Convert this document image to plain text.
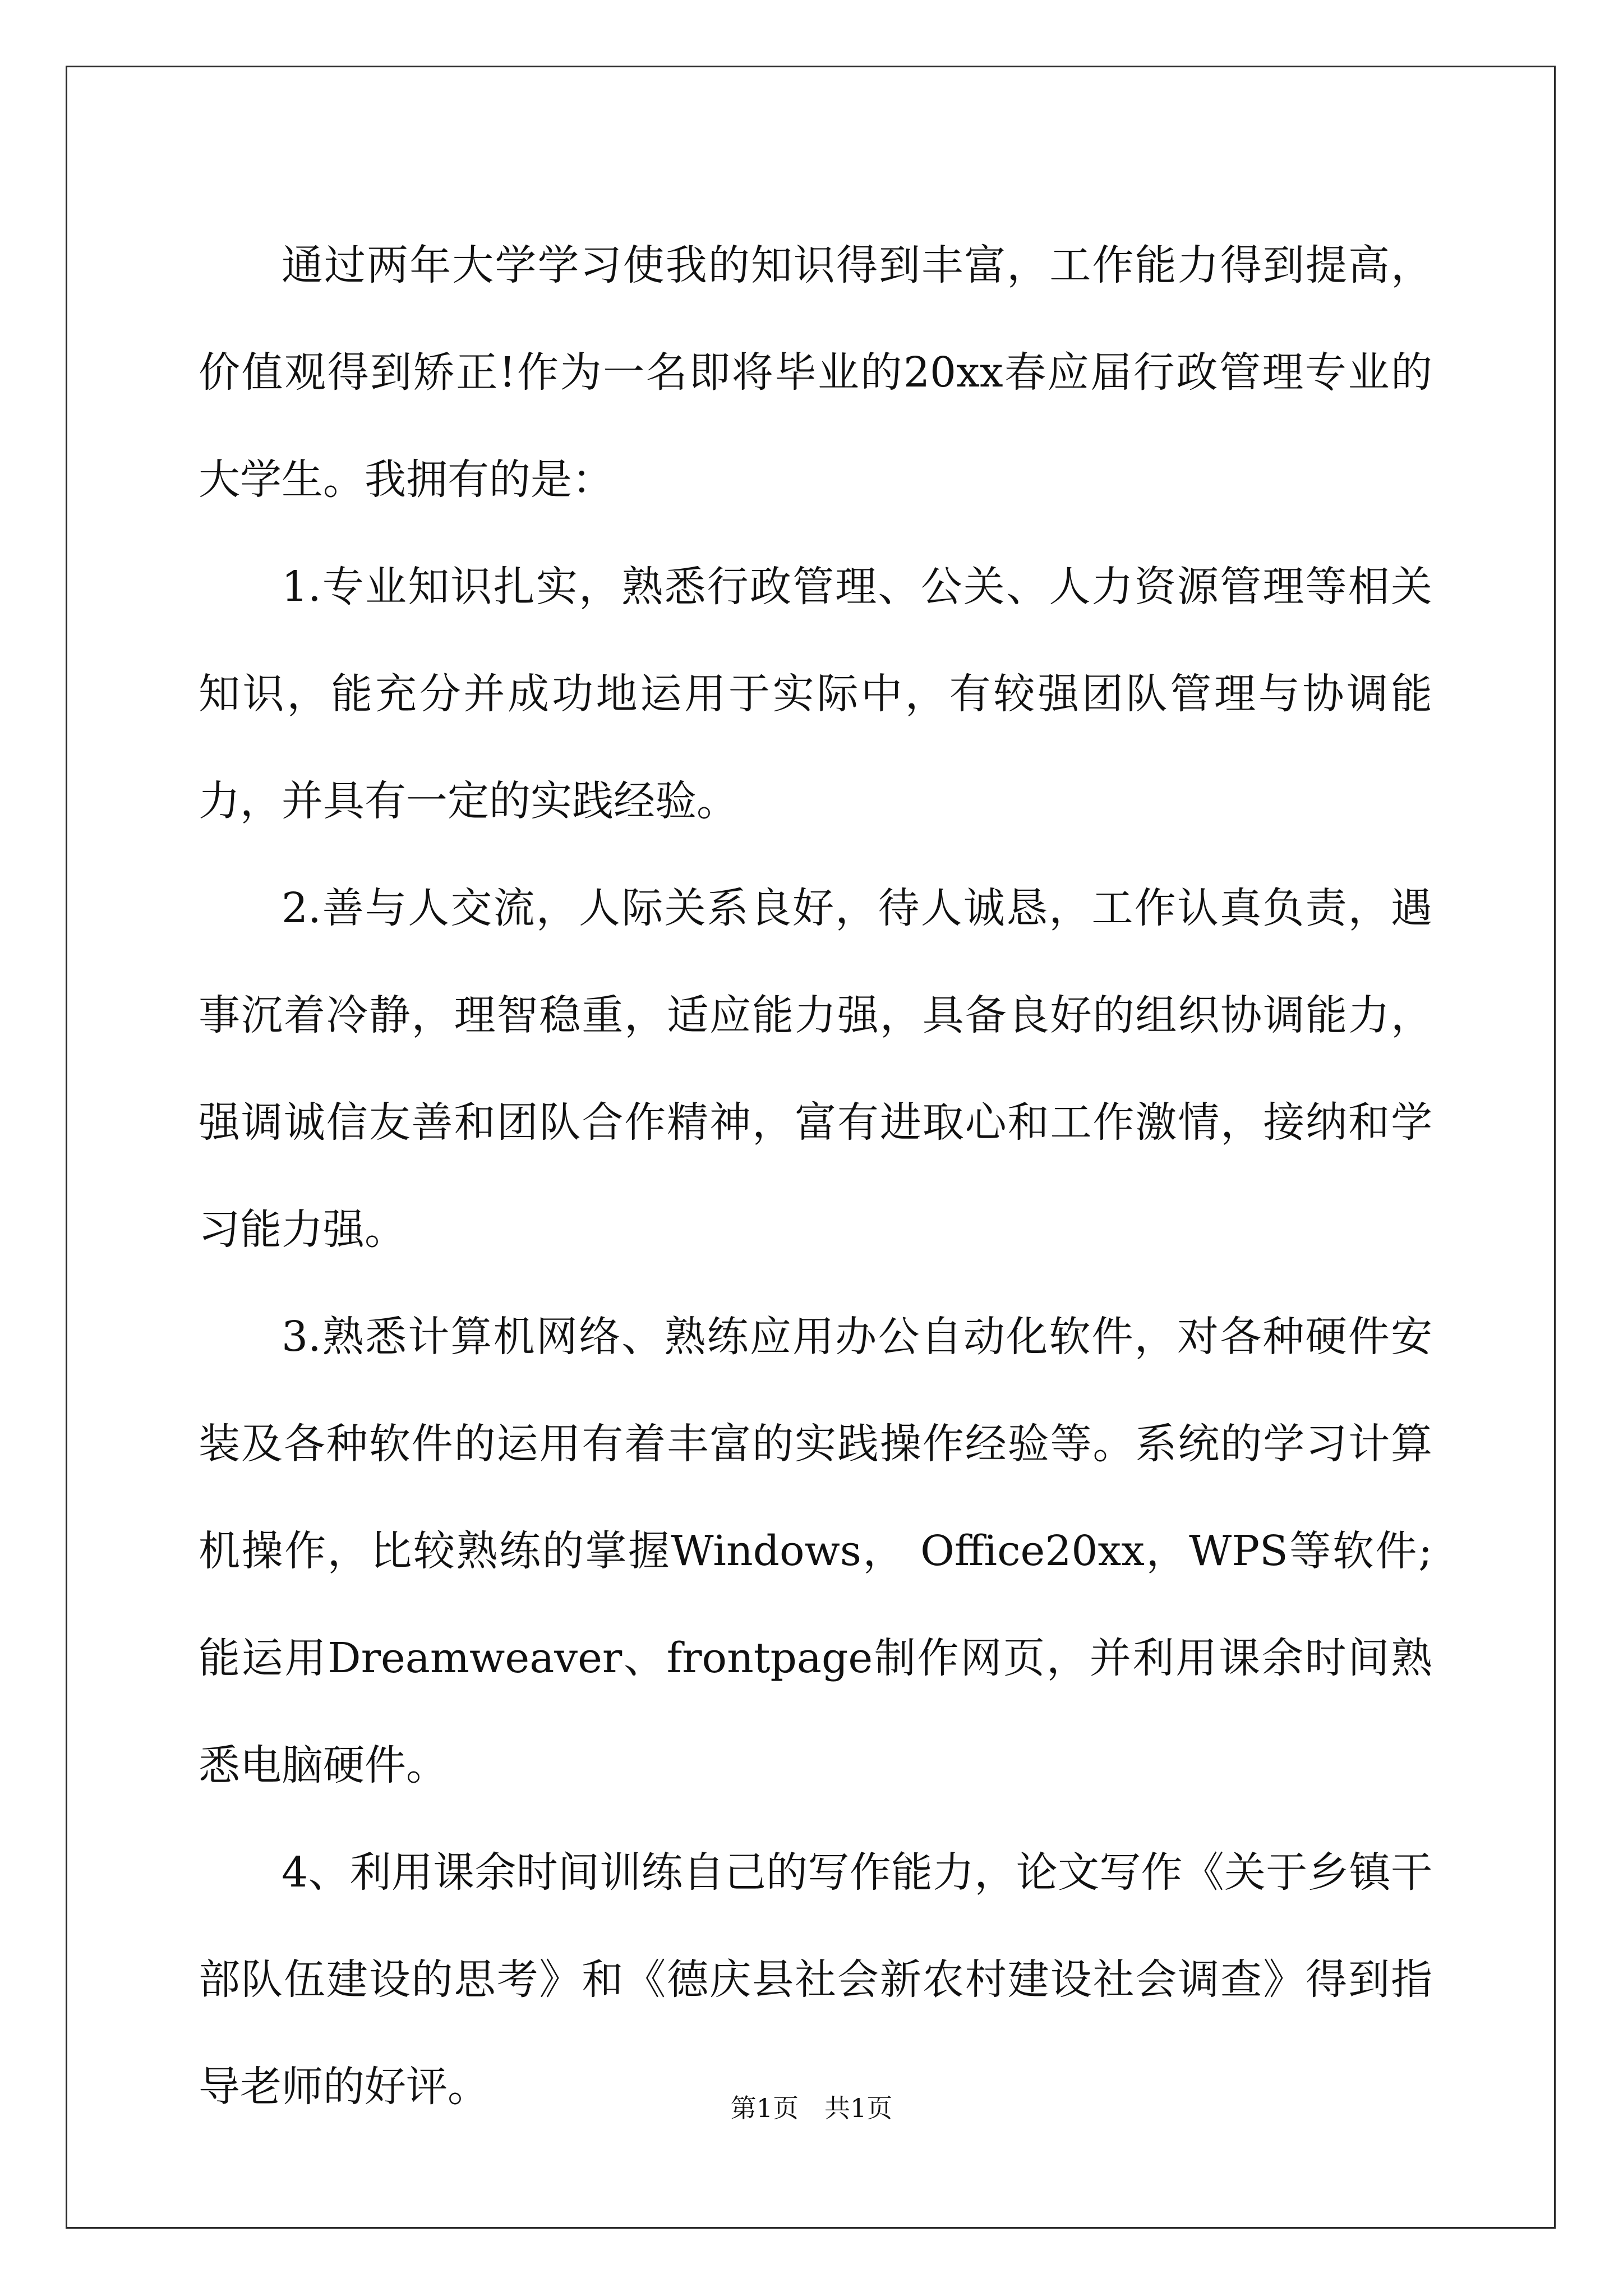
通过两年大学学习使我的知识得到丰富，工作能力得到提高，价值观得到矫正!作为一名即将毕业的20xx春应届行政管理专业的大学生。我拥有的是：

1.专业知识扎实，熟悉行政管理、公关、人力资源管理等相关知识，能充分并成功地运用于实际中，有较强团队管理与协调能力，并具有一定的实践经验。

2.善与人交流，人际关系良好，待人诚恳，工作认真负责，遇事沉着冷静，理智稳重，适应能力强，具备良好的组织协调能力，强调诚信友善和团队合作精神，富有进取心和工作激情，接纳和学习能力强。

3.熟悉计算机网络、熟练应用办公自动化软件，对各种硬件安装及各种软件的运用有着丰富的实践操作经验等。系统的学习计算机操作，比较熟练的掌握Windows， Office20xx，WPS等软件;能运用Dreamweaver、frontpage制作网页，并利用课余时间熟悉电脑硬件。

4、利用课余时间训练自己的写作能力，论文写作《关于乡镇干部队伍建设的思考》和《德庆县社会新农村建设社会调查》得到指导老师的好评。	第1页　共1页
